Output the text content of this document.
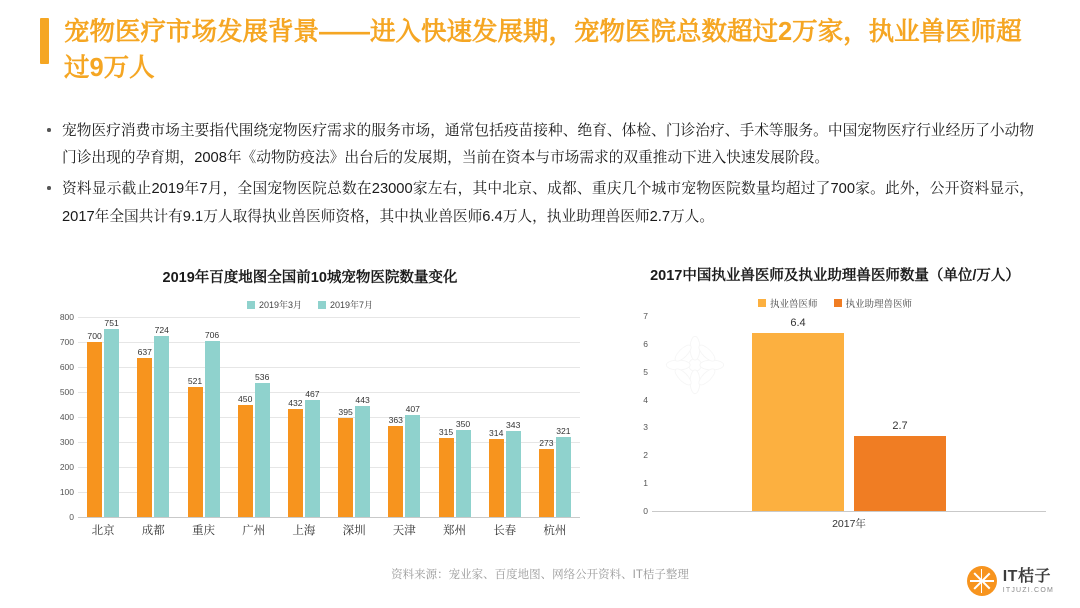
宠物医疗市场发展背景——进入快速发展期，宠物医院总数超过2万家，执业兽医师超过9万人
宠物医疗消费市场主要指代围绕宠物医疗需求的服务市场，通常包括疫苗接种、绝育、体检、门诊治疗、手术等服务。中国宠物医疗行业经历了小动物门诊出现的孕育期，2008年《动物防疫法》出台后的发展期，当前在资本与市场需求的双重推动下进入快速发展阶段。
资料显示截止2019年7月，全国宠物医院总数在23000家左右，其中北京、成都、重庆几个城市宠物医院数量均超过了700家。此外，公开资料显示，2017年全国共计有9.1万人取得执业兽医师资格，其中执业兽医师6.4万人，执业助理兽医师2.7万人。
2019年百度地图全国前10城宠物医院数量变化
2019年3月	2019年7月
0
100
200
300
400
500
600
700
800
700
751
637
724
521
706
450
536
432
467
395
443
363
407
315
350
314
343
273
321
北京 成都 重庆 广州 上海 深圳 天津 郑州 长春 杭州
2017中国执业兽医师及执业助理兽医师数量（单位/万人）
执业兽医师	执业助理兽医师
0
1
2
3
4
5
6
7
6.4
2.7
2017年
资料来源：宠业家、百度地图、网络公开资料、IT桔子整理	IT桔子
ITJUZI.COM
